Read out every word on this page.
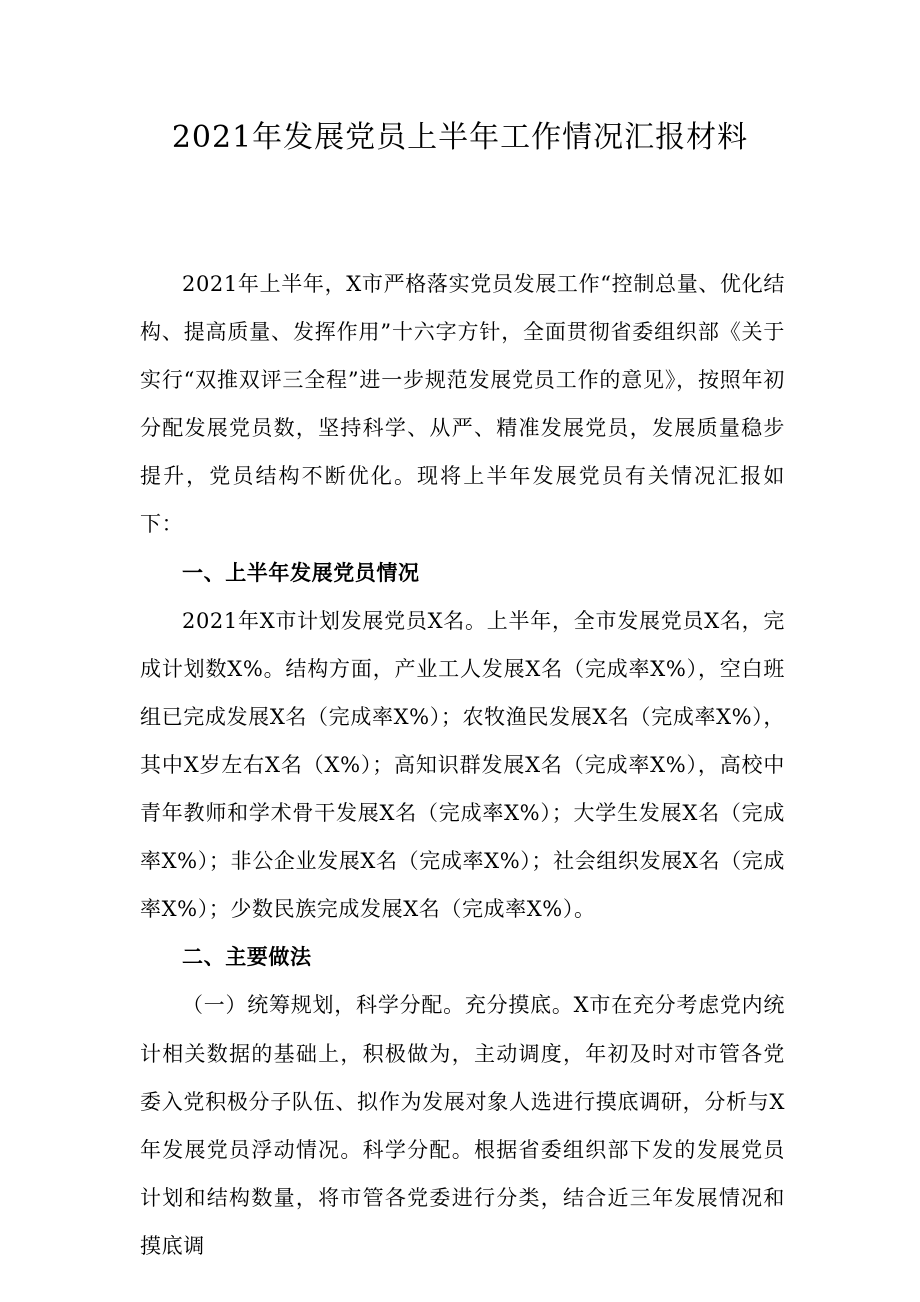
2021年发展党员上半年工作情况汇报材料

2021年上半年，X市严格落实党员发展工作“控制总量、优化结构、提高质量、发挥作用”十六字方针，全面贯彻省委组织部《关于实行“双推双评三全程”进一步规范发展党员工作的意见》，按照年初分配发展党员数，坚持科学、从严、精准发展党员，发展质量稳步提升，党员结构不断优化。现将上半年发展党员有关情况汇报如下：

一、上半年发展党员情况

2021年X市计划发展党员X名。上半年，全市发展党员X名，完成计划数X%。结构方面，产业工人发展X名（完成率X%），空白班组已完成发展X名（完成率X%）；农牧渔民发展X名（完成率X%），其中X岁左右X名（X%）；高知识群发展X名（完成率X%），高校中青年教师和学术骨干发展X名（完成率X%）；大学生发展X名（完成率X%）；非公企业发展X名（完成率X%）；社会组织发展X名（完成率X%）；少数民族完成发展X名（完成率X%）。

二、主要做法

（一）统筹规划，科学分配。充分摸底。X市在充分考虑党内统计相关数据的基础上，积极做为，主动调度，年初及时对市管各党委入党积极分子队伍、拟作为发展对象人选进行摸底调研，分析与X年发展党员浮动情况。科学分配。根据省委组织部下发的发展党员计划和结构数量，将市管各党委进行分类，结合近三年发展情况和摸底调
